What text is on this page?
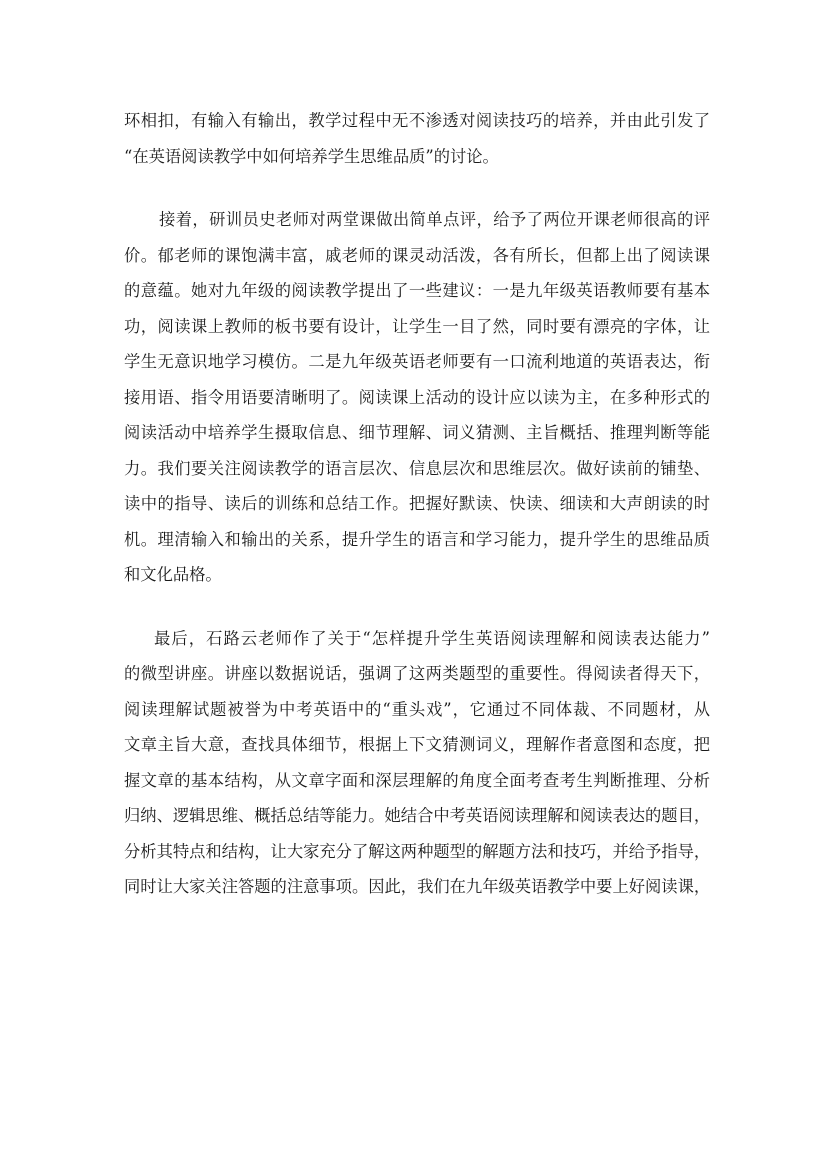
环相扣，有输入有输出，教学过程中无不渗透对阅读技巧的培养，并由此引发了
“在英语阅读教学中如何培养学生思维品质”的讨论。
接着，研训员史老师对两堂课做出简单点评，给予了两位开课老师很高的评
价。郁老师的课饱满丰富，戚老师的课灵动活泼，各有所长，但都上出了阅读课
的意蕴。她对九年级的阅读教学提出了一些建议：一是九年级英语教师要有基本
功，阅读课上教师的板书要有设计，让学生一目了然，同时要有漂亮的字体，让
学生无意识地学习模仿。二是九年级英语老师要有一口流利地道的英语表达，衔
接用语、指令用语要清晰明了。阅读课上活动的设计应以读为主，在多种形式的
阅读活动中培养学生摄取信息、细节理解、词义猜测、主旨概括、推理判断等能
力。我们要关注阅读教学的语言层次、信息层次和思维层次。做好读前的铺垫、
读中的指导、读后的训练和总结工作。把握好默读、快读、细读和大声朗读的时
机。理清输入和输出的关系，提升学生的语言和学习能力，提升学生的思维品质
和文化品格。
最后，石路云老师作了关于“怎样提升学生英语阅读理解和阅读表达能力”
的微型讲座。讲座以数据说话，强调了这两类题型的重要性。得阅读者得天下，
阅读理解试题被誉为中考英语中的“重头戏”，它通过不同体裁、不同题材，从
文章主旨大意，查找具体细节，根据上下文猜测词义，理解作者意图和态度，把
握文章的基本结构，从文章字面和深层理解的角度全面考查考生判断推理、分析
归纳、逻辑思维、概括总结等能力。她结合中考英语阅读理解和阅读表达的题目，
分析其特点和结构，让大家充分了解这两种题型的解题方法和技巧，并给予指导，
同时让大家关注答题的注意事项。因此，我们在九年级英语教学中要上好阅读课，
